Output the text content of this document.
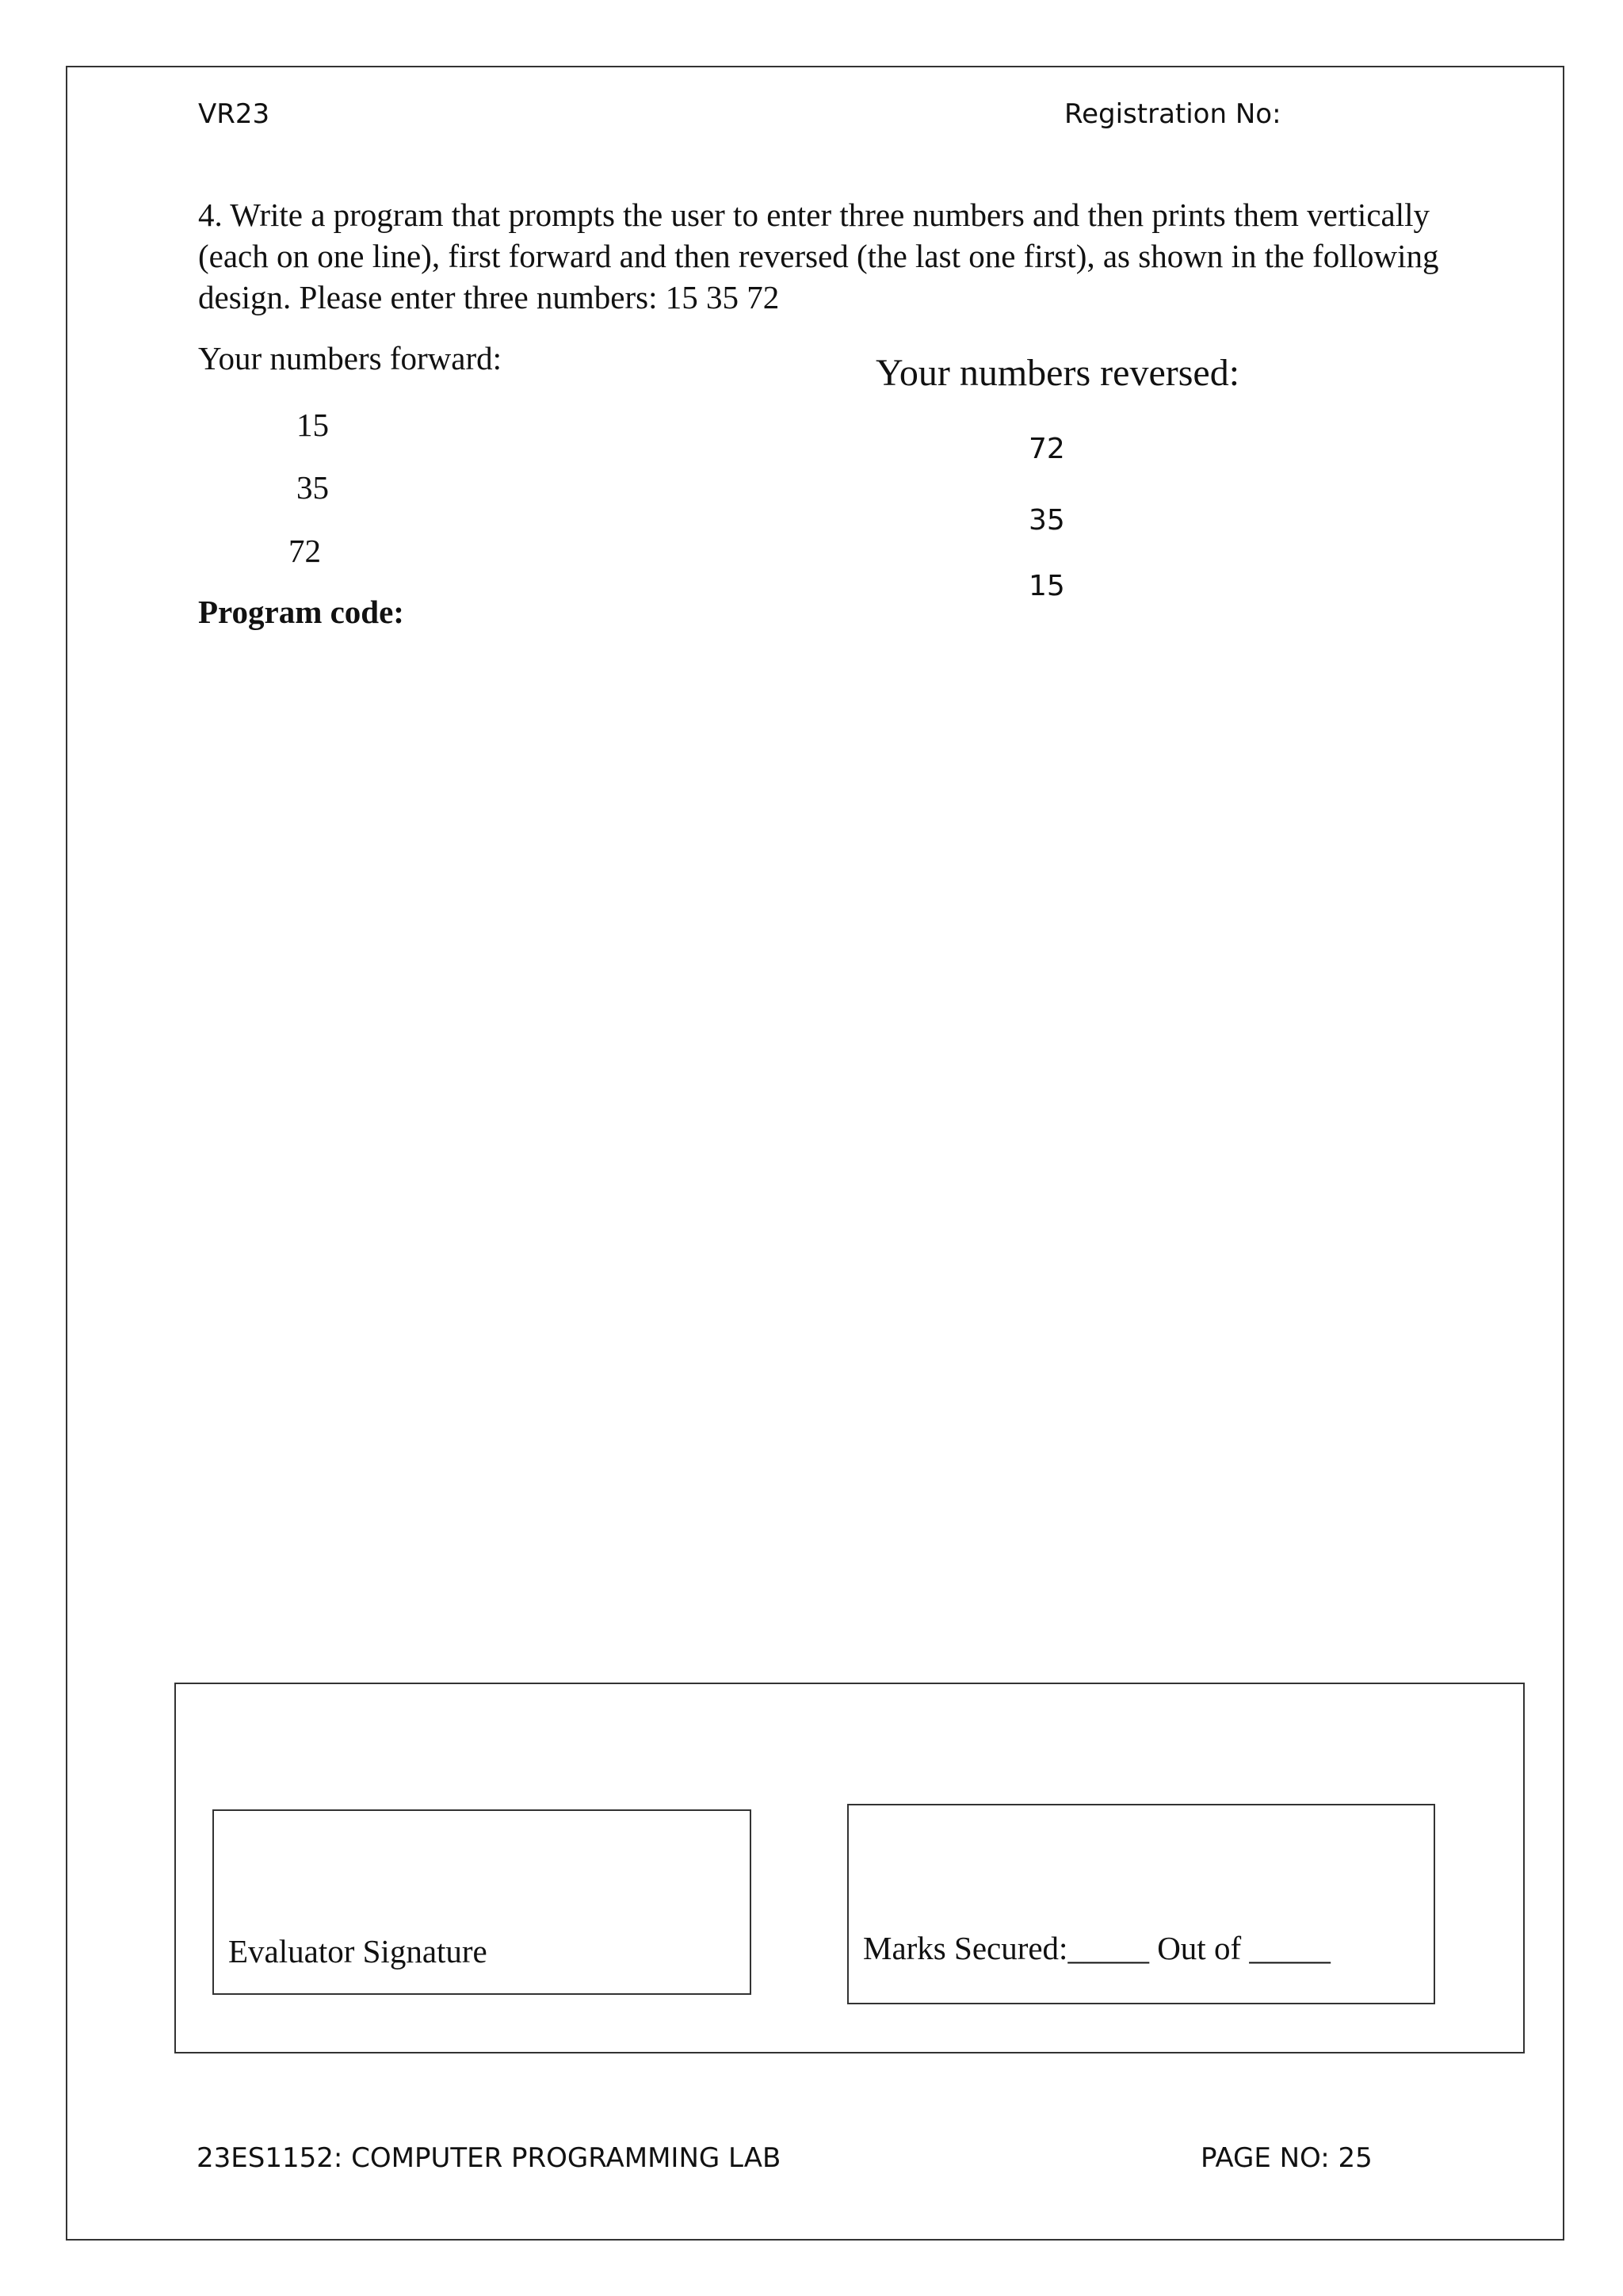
VR23	Registration No:
4. Write a program that prompts the user to enter three numbers and then prints them vertically (each on one line), first forward and then reversed (the last one first), as shown in the following design. Please enter three numbers: 15 35 72
Your numbers forward:
15
35
72
Your numbers reversed:
72
35
15
Program code:
Evaluator Signature	Marks Secured:_____ Out of _____
23ES1152: COMPUTER PROGRAMMING LAB	PAGE NO: 25
